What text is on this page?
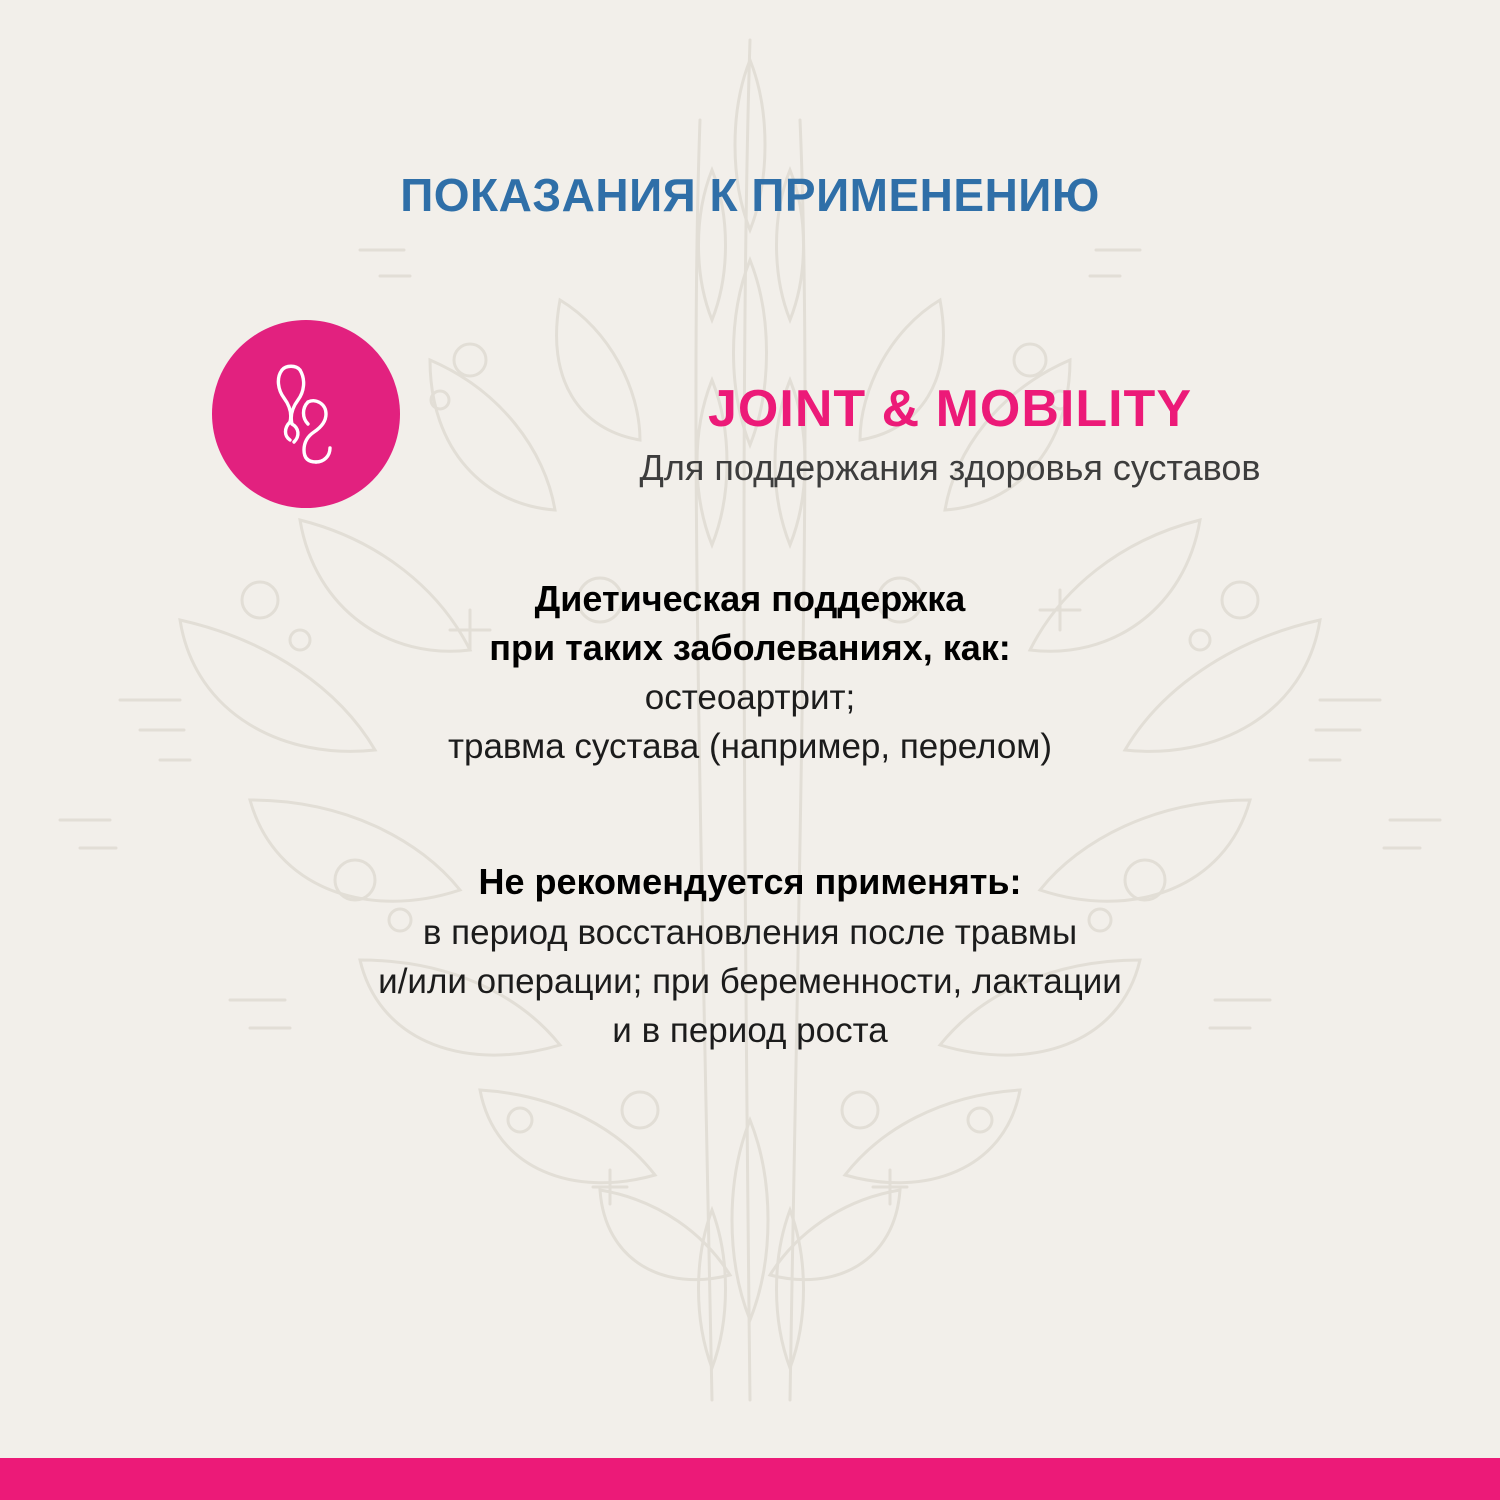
ПОКАЗАНИЯ К ПРИМЕНЕНИЮ
JOINT & MOBILITY
Для поддержания здоровья суставов
Диетическая поддержка
при таких заболеваниях, как:
остеоартрит;
травма сустава (например, перелом)
Не рекомендуется применять:
в период восстановления после травмы
и/или операции; при беременности, лактации
и в период роста
